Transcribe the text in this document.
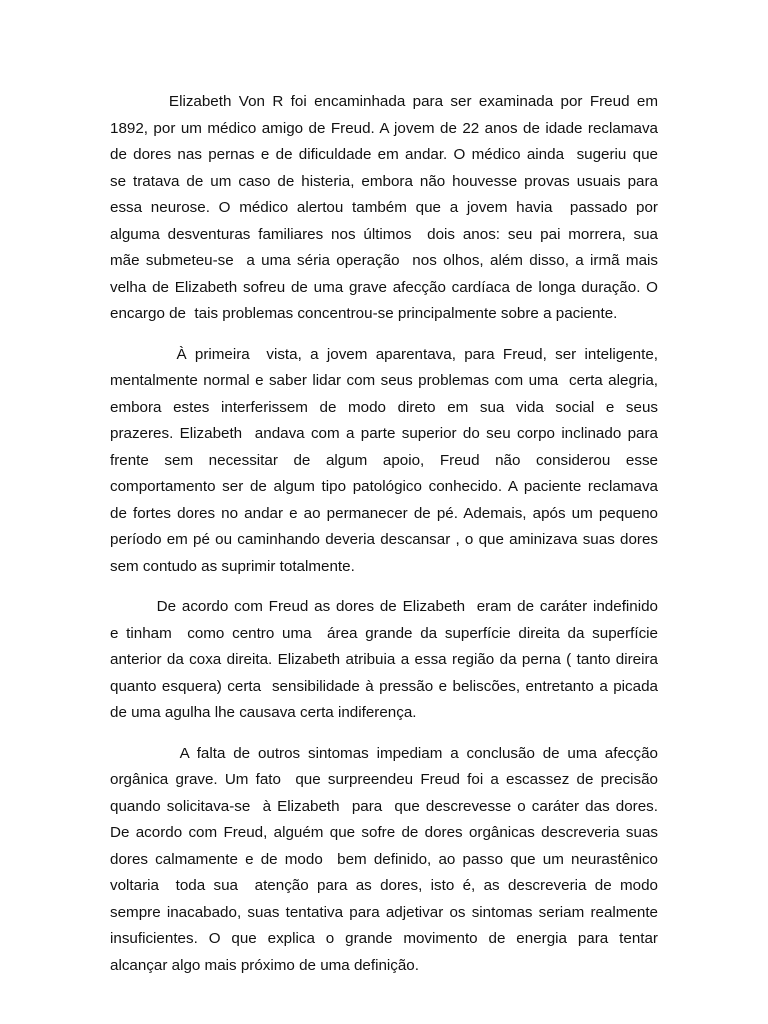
Elizabeth Von R foi encaminhada para ser examinada por Freud em
1892, por um médico amigo de Freud. A jovem de 22 anos de idade reclamava
de dores nas pernas e de dificuldade em andar. O médico ainda  sugeriu que
se tratava de um caso de histeria, embora não houvesse provas usuais para
essa neurose. O médico alertou também que a jovem havia  passado por
alguma desventuras familiares nos últimos  dois anos: seu pai morrera, sua
mãe submeteu-se  a uma séria operação  nos olhos, além disso, a irmã mais
velha de Elizabeth sofreu de uma grave afecção cardíaca de longa duração. O
encargo de  tais problemas concentrou-se principalmente sobre a paciente.
À primeira  vista, a jovem aparentava, para Freud, ser inteligente,
mentalmente normal e saber lidar com seus problemas com uma  certa alegria,
embora estes interferissem de modo direto em sua vida social e seus
prazeres. Elizabeth  andava com a parte superior do seu corpo inclinado para
frente sem necessitar de algum apoio, Freud não considerou esse
comportamento ser de algum tipo patológico conhecido. A paciente reclamava
de fortes dores no andar e ao permanecer de pé. Ademais, após um pequeno
período em pé ou caminhando deveria descansar , o que aminizava suas dores
sem contudo as suprimir totalmente.
De acordo com Freud as dores de Elizabeth  eram de caráter indefinido
e tinham  como centro uma  área grande da superfície direita da superfície
anterior da coxa direita. Elizabeth atribuia a essa região da perna ( tanto direira
quanto esquera) certa  sensibilidade à pressão e beliscões, entretanto a picada
de uma agulha lhe causava certa indiferença.
A falta de outros sintomas impediam a conclusão de uma afecção
orgânica grave. Um fato  que surpreendeu Freud foi a escassez de precisão
quando solicitava-se  à Elizabeth  para  que descrevesse o caráter das dores.
De acordo com Freud, alguém que sofre de dores orgânicas descreveria suas
dores calmamente e de modo  bem definido, ao passo que um neurastênico
voltaria  toda sua  atenção para as dores, isto é, as descreveria de modo
sempre inacabado, suas tentativa para adjetivar os sintomas seriam realmente
insuficientes. O que explica o grande movimento de energia para tentar
alcançar algo mais próximo de uma definição.
